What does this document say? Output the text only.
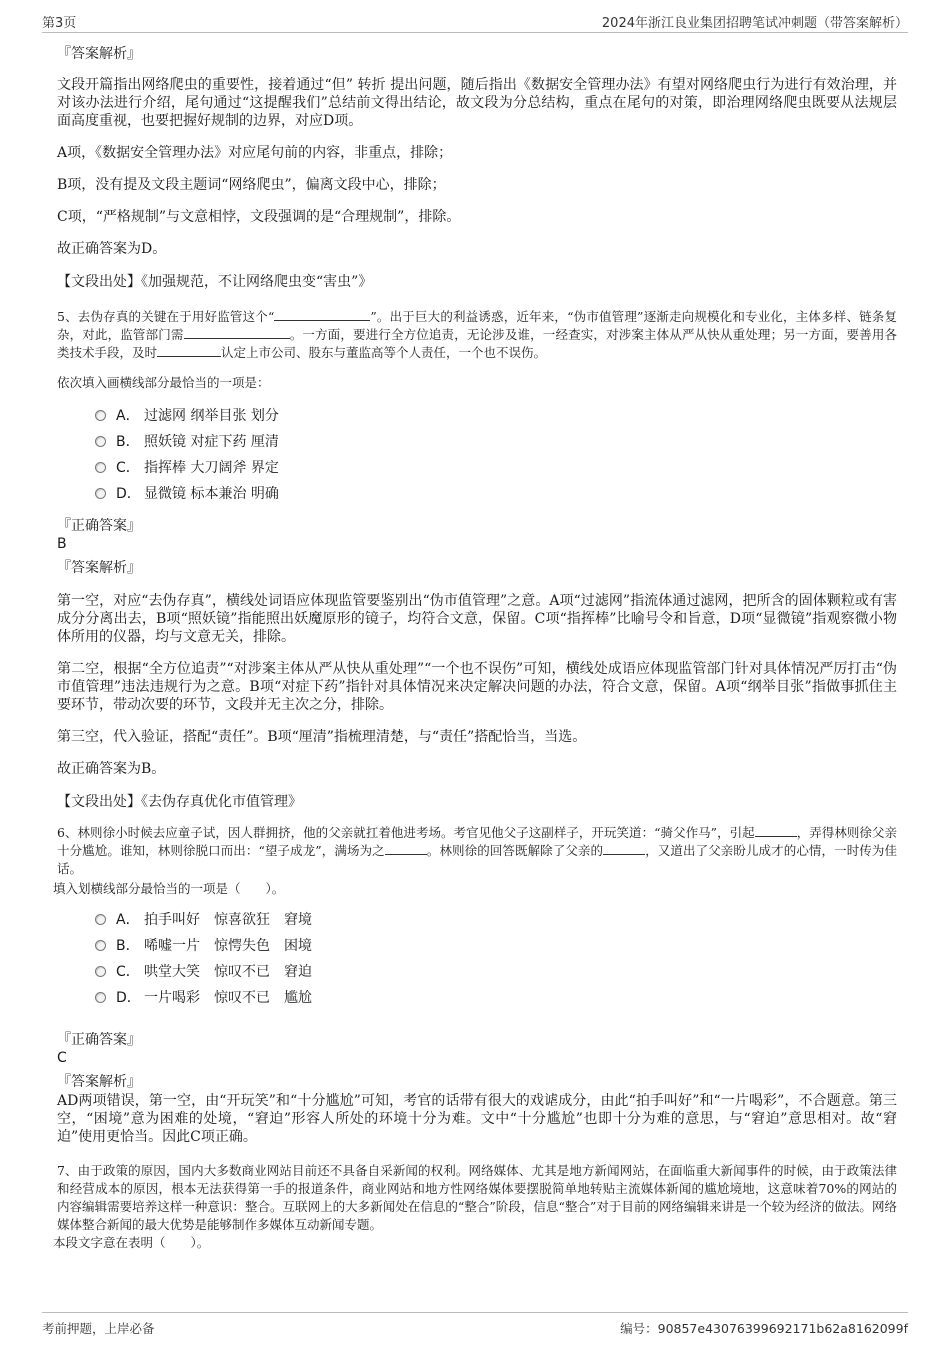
第3页	2024年浙江良业集团招聘笔试冲刺题（带答案解析）
『答案解析』

文段开篇指出网络爬虫的重要性，接着通过“但” 转折 提出问题，随后指出《数据安全管理办法》有望对网络爬虫行为进行有效治理，并对该办法进行介绍，尾句通过“这提醒我们”总结前文得出结论，故文段为分总结构，重点在尾句的对策，即治理网络爬虫既要从法规层面高度重视，也要把握好规制的边界，对应D项。

A项，《数据安全管理办法》对应尾句前的内容，非重点，排除；

B项，没有提及文段主题词“网络爬虫”，偏离文段中心，排除；

C项，“严格规制”与文意相悖，文段强调的是“合理规制”，排除。

故正确答案为D。

【文段出处】《加强规范，不让网络爬虫变“害虫”》

5、去伪存真的关键在于用好监管这个“	”。出于巨大的利益诱惑，近年来，“伪市值管理”逐渐走向规模化和专业化，主体多样、链条复杂，对此，监管部门需	。一方面，要进行全方位追责，无论涉及谁，一经查实，对涉案主体从严从快从重处理；另一方面，要善用各类技术手段，及时	认定上市公司、股东与董监高等个人责任，一个也不误伤。

依次填入画横线部分最恰当的一项是：
A． 过滤网 纲举目张 划分
B． 照妖镜 对症下药 厘清
C． 指挥棒 大刀阔斧 界定
D． 显微镜 标本兼治 明确
『正确答案』
B
『答案解析』

第一空，对应“去伪存真”，横线处词语应体现监管要鉴别出“伪市值管理”之意。A项“过滤网”指流体通过滤网，把所含的固体颗粒或有害成分分离出去，B项“照妖镜”指能照出妖魔原形的镜子，均符合文意，保留。C项“指挥棒”比喻号令和旨意，D项“显微镜”指观察微小物体所用的仪器，均与文意无关，排除。

第二空，根据“全方位追责”“对涉案主体从严从快从重处理”“一个也不误伤”可知，横线处成语应体现监管部门针对具体情况严厉打击“伪市值管理”违法违规行为之意。B项“对症下药”指针对具体情况来决定解决问题的办法，符合文意，保留。A项“纲举目张”指做事抓住主要环节，带动次要的环节，文段并无主次之分，排除。

第三空，代入验证，搭配“责任”。B项“厘清”指梳理清楚，与“责任”搭配恰当，当选。

故正确答案为B。

【文段出处】《去伪存真优化市值管理》

6、林则徐小时候去应童子试，因人群拥挤，他的父亲就扛着他进考场。考官见他父子这副样子，开玩笑道：“骑父作马”，引起	，弄得林则徐父亲十分尴尬。谁知，林则徐脱口而出：“望子成龙”，满场为之	。林则徐的回答既解除了父亲的	，又道出了父亲盼儿成才的心情，一时传为佳话。

填入划横线部分最恰当的一项是（　　）。
A． 拍手叫好　惊喜欲狂　窘境
B． 唏嘘一片　惊愕失色　困境
C． 哄堂大笑　惊叹不已　窘迫
D． 一片喝彩　惊叹不已　尴尬
『正确答案』
C
『答案解析』

AD两项错误，第一空，由“开玩笑”和“十分尴尬”可知，考官的话带有很大的戏谑成分，由此“拍手叫好”和“一片喝彩”，不合题意。第三空，“困境”意为困难的处境，“窘迫”形容人所处的环境十分为难。文中“十分尴尬”也即十分为难的意思，与“窘迫”意思相对。故“窘迫”使用更恰当。因此C项正确。

7、由于政策的原因，国内大多数商业网站目前还不具备自采新闻的权利。网络媒体、尤其是地方新闻网站，在面临重大新闻事件的时候，由于政策法律和经营成本的原因，根本无法获得第一手的报道条件，商业网站和地方性网络媒体要摆脱简单地转贴主流媒体新闻的尴尬境地，这意味着70%的网站的内容编辑需要培养这样一种意识：整合。互联网上的大多新闻处在信息的“整合”阶段，信息“整合”对于目前的网络编辑来讲是一个较为经济的做法。网络媒体整合新闻的最大优势是能够制作多媒体互动新闻专题。

本段文字意在表明（　　）。
考前押题，上岸必备	编号：90857e43076399692171b62a8162099f
